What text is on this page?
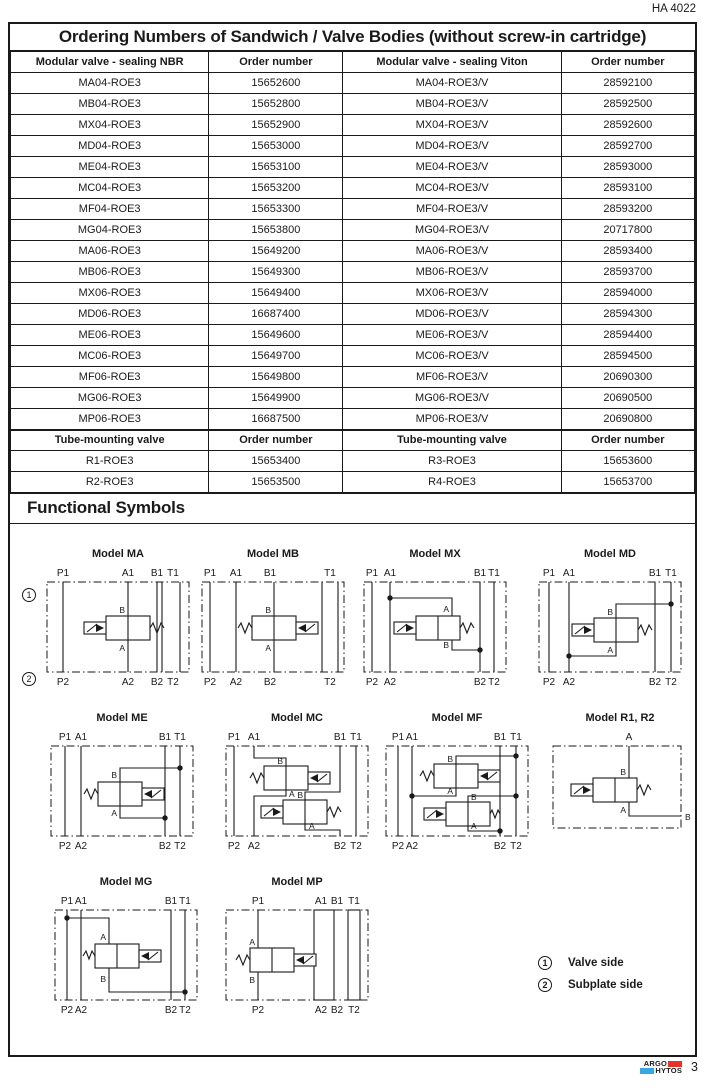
HA 4022
Ordering Numbers of Sandwich / Valve Bodies (without screw-in cartridge)
Modular valve - sealing NBR	Order number	Modular valve - sealing Viton	Order number
MA04-ROE3	15652600	MA04-ROE3/V	28592100
MB04-ROE3	15652800	MB04-ROE3/V	28592500
MX04-ROE3	15652900	MX04-ROE3/V	28592600
MD04-ROE3	15653000	MD04-ROE3/V	28592700
ME04-ROE3	15653100	ME04-ROE3/V	28593000
MC04-ROE3	15653200	MC04-ROE3/V	28593100
MF04-ROE3	15653300	MF04-ROE3/V	28593200
MG04-ROE3	15653800	MG04-ROE3/V	20717800
MA06-ROE3	15649200	MA06-ROE3/V	28593400
MB06-ROE3	15649300	MB06-ROE3/V	28593700
MX06-ROE3	15649400	MX06-ROE3/V	28594000
MD06-ROE3	16687400	MD06-ROE3/V	28594300
ME06-ROE3	15649600	ME06-ROE3/V	28594400
MC06-ROE3	15649700	MC06-ROE3/V	28594500
MF06-ROE3	15649800	MF06-ROE3/V	20690300
MG06-ROE3	15649900	MG06-ROE3/V	20690500
MP06-ROE3	16687500	MP06-ROE3/V	20690800
Tube-mounting valve	Order number	Tube-mounting valve	Order number
R1-ROE3	15653400	R3-ROE3	15653600
R2-ROE3	15653500	R4-ROE3	15653700
Functional Symbols
1
2
Model MA
P1	A1 B1 T1
P2	A2 B2 T2
B
A
Model MB
P1 A1 B1	T1
P2 A2 B2	T2
B
A
Model MX
P1 A1	B1 T1
P2 A2	B2 T2
A
B
Model MD
P1 A1	B1 T1
P2 A2	B2 T2
B
A
Model ME
P1 A1	B1 T1
P2 A2	B2 T2
B
A
Model MC
P1 A1	B1 T1
P2 A2	B2 T2
B
A B
A
Model MF
P1 A1	B1 T1
P2 A2	B2 T2
B
A
B
A
Model R1, R2
A
B
B
A
Model MG
P1 A1	B1 T1
P2 A2	B2 T2
A
B
Model MP
P1	A1 B1 T1
P2	A2 B2 T2
A
B
1	Valve side
2	Subplate side
ARGO
HYTOS 3
